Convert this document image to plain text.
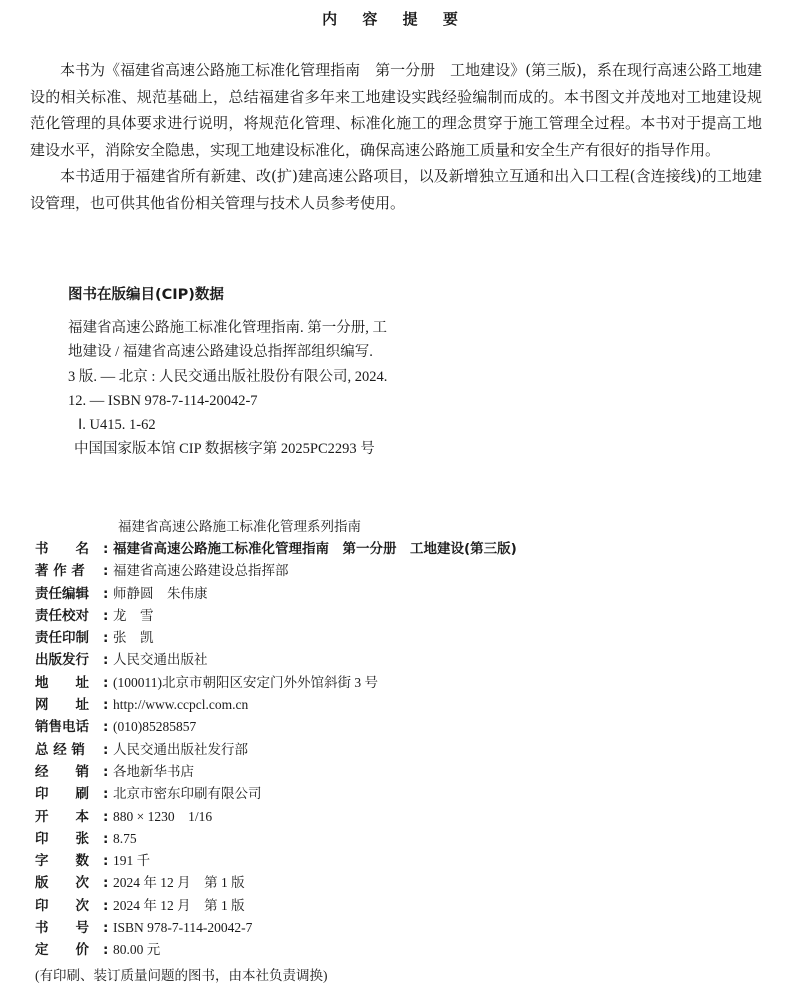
内 容 提 要

本书为《福建省高速公路施工标准化管理指南　第一分册　工地建设》(第三版)，系在现行高速公路工地建设的相关标准、规范基础上，总结福建省多年来工地建设实践经验编制而成的。本书图文并茂地对工地建设规范化管理的具体要求进行说明，将规范化管理、标准化施工的理念贯穿于施工管理全过程。本书对于提高工地建设水平，消除安全隐患，实现工地建设标准化，确保高速公路施工质量和安全生产有很好的指导作用。

本书适用于福建省所有新建、改(扩)建高速公路项目，以及新增独立互通和出入口工程(含连接线)的工地建设管理，也可供其他省份相关管理与技术人员参考使用。

图书在版编目(CIP)数据
福建省高速公路施工标准化管理指南. 第一分册, 工
地建设 / 福建省高速公路建设总指挥部组织编写.
3 版. — 北京 : 人民交通出版社股份有限公司, 2024.
12. — ISBN 978-7-114-20042-7
Ⅰ. U415. 1-62
中国国家版本馆 CIP 数据核字第 2025PC2293 号
福建省高速公路施工标准化管理系列指南
书　　名	: 福建省高速公路施工标准化管理指南　第一分册　工地建设(第三版)
著 作 者	: 福建省高速公路建设总指挥部
责任编辑	: 师静圆　朱伟康
责任校对	: 龙　雪
责任印制	: 张　凯
出版发行	: 人民交通出版社
地　　址	: (100011)北京市朝阳区安定门外外馆斜街 3 号
网　　址	: http://www.ccpcl.com.cn
销售电话	: (010)85285857
总 经 销	: 人民交通出版社发行部
经　　销	: 各地新华书店
印　　刷	: 北京市密东印刷有限公司
开　　本	: 880 × 1230　1/16
印　　张	: 8.75
字　　数	: 191 千
版　　次	: 2024 年 12 月　第 1 版
印　　次	: 2024 年 12 月　第 1 版
书　　号	: ISBN 978-7-114-20042-7
定　　价	: 80.00 元
(有印刷、装订质量问题的图书，由本社负责调换)
